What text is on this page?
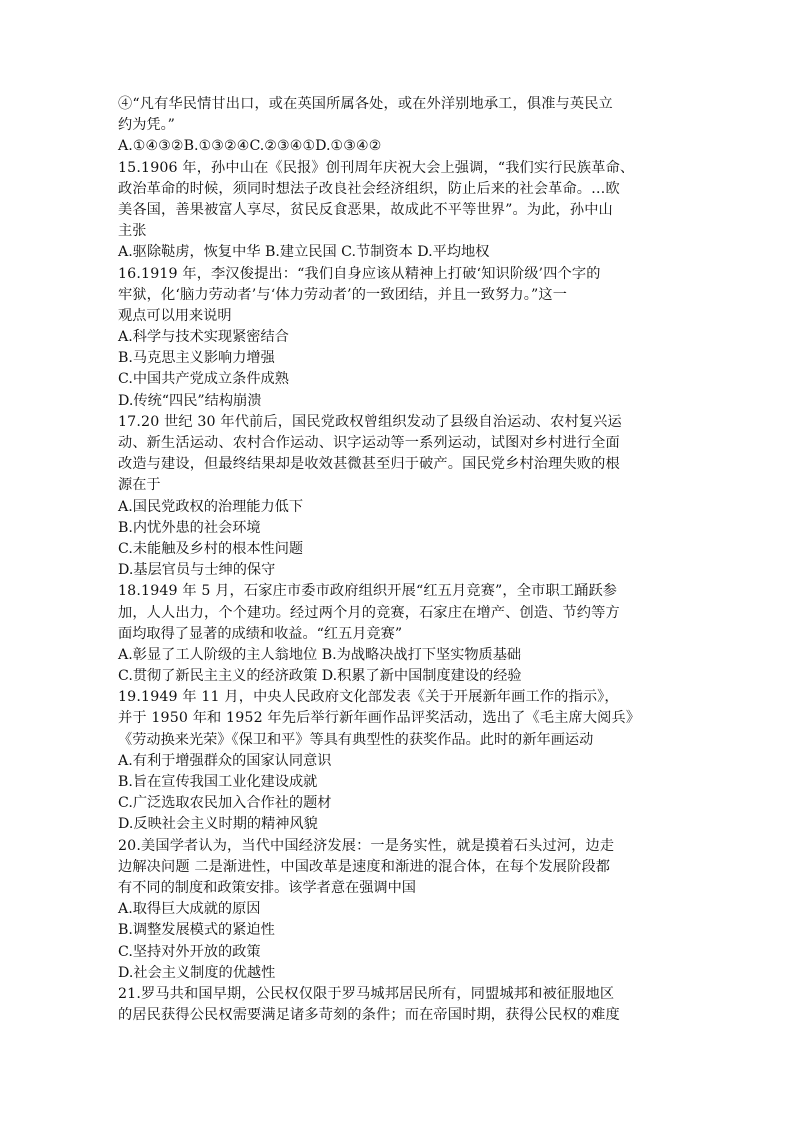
④“凡有华民情甘出口，或在英国所属各处，或在外洋别地承工，俱准与英民立
约为凭。”
A.①④③②B.①③②④C.②③④①D.①③④②
15.1906 年，孙中山在《民报》创刊周年庆祝大会上强调，“我们实行民族革命、
政治革命的时候，须同时想法子改良社会经济组织，防止后来的社会革命。…欧
美各国，善果被富人享尽，贫民反食恶果，故成此不平等世界”。为此，孙中山
主张
A.驱除鞑虏，恢复中华 B.建立民国 C.节制资本 D.平均地权
16.1919 年，李汉俊提出：“我们自身应该从精神上打破‘知识阶级’四个字的
牢狱，化‘脑力劳动者’与‘体力劳动者’的一致团结，并且一致努力。”这一
观点可以用来说明
A.科学与技术实现紧密结合
B.马克思主义影响力增强
C.中国共产党成立条件成熟
D.传统“四民”结构崩溃
17.20 世纪 30 年代前后，国民党政权曾组织发动了县级自治运动、农村复兴运
动、新生活运动、农村合作运动、识字运动等一系列运动，试图对乡村进行全面
改造与建设，但最终结果却是收效甚微甚至归于破产。国民党乡村治理失败的根
源在于
A.国民党政权的治理能力低下
B.内忧外患的社会环境
C.未能触及乡村的根本性问题
D.基层官员与士绅的保守
18.1949 年 5 月，石家庄市委市政府组织开展“红五月竞赛”，全市职工踊跃参
加，人人出力，个个建功。经过两个月的竞赛，石家庄在增产、创造、节约等方
面均取得了显著的成绩和收益。“红五月竞赛”
A.彰显了工人阶级的主人翁地位 B.为战略决战打下坚实物质基础
C.贯彻了新民主主义的经济政策 D.积累了新中国制度建设的经验
19.1949 年 11 月，中央人民政府文化部发表《关于开展新年画工作的指示》，
并于 1950 年和 1952 年先后举行新年画作品评奖活动，选出了《毛主席大阅兵》
《劳动换来光荣》《保卫和平》等具有典型性的获奖作品。此时的新年画运动
A.有利于增强群众的国家认同意识
B.旨在宣传我国工业化建设成就
C.广泛选取农民加入合作社的题材
D.反映社会主义时期的精神风貌
20.美国学者认为，当代中国经济发展：一是务实性，就是摸着石头过河，边走
边解决问题 二是渐进性，中国改革是速度和渐进的混合体，在每个发展阶段都
有不同的制度和政策安排。该学者意在强调中国
A.取得巨大成就的原因
B.调整发展模式的紧迫性
C.坚持对外开放的政策
D.社会主义制度的优越性
21.罗马共和国早期，公民权仅限于罗马城邦居民所有，同盟城邦和被征服地区
的居民获得公民权需要满足诸多苛刻的条件；而在帝国时期，获得公民权的难度
